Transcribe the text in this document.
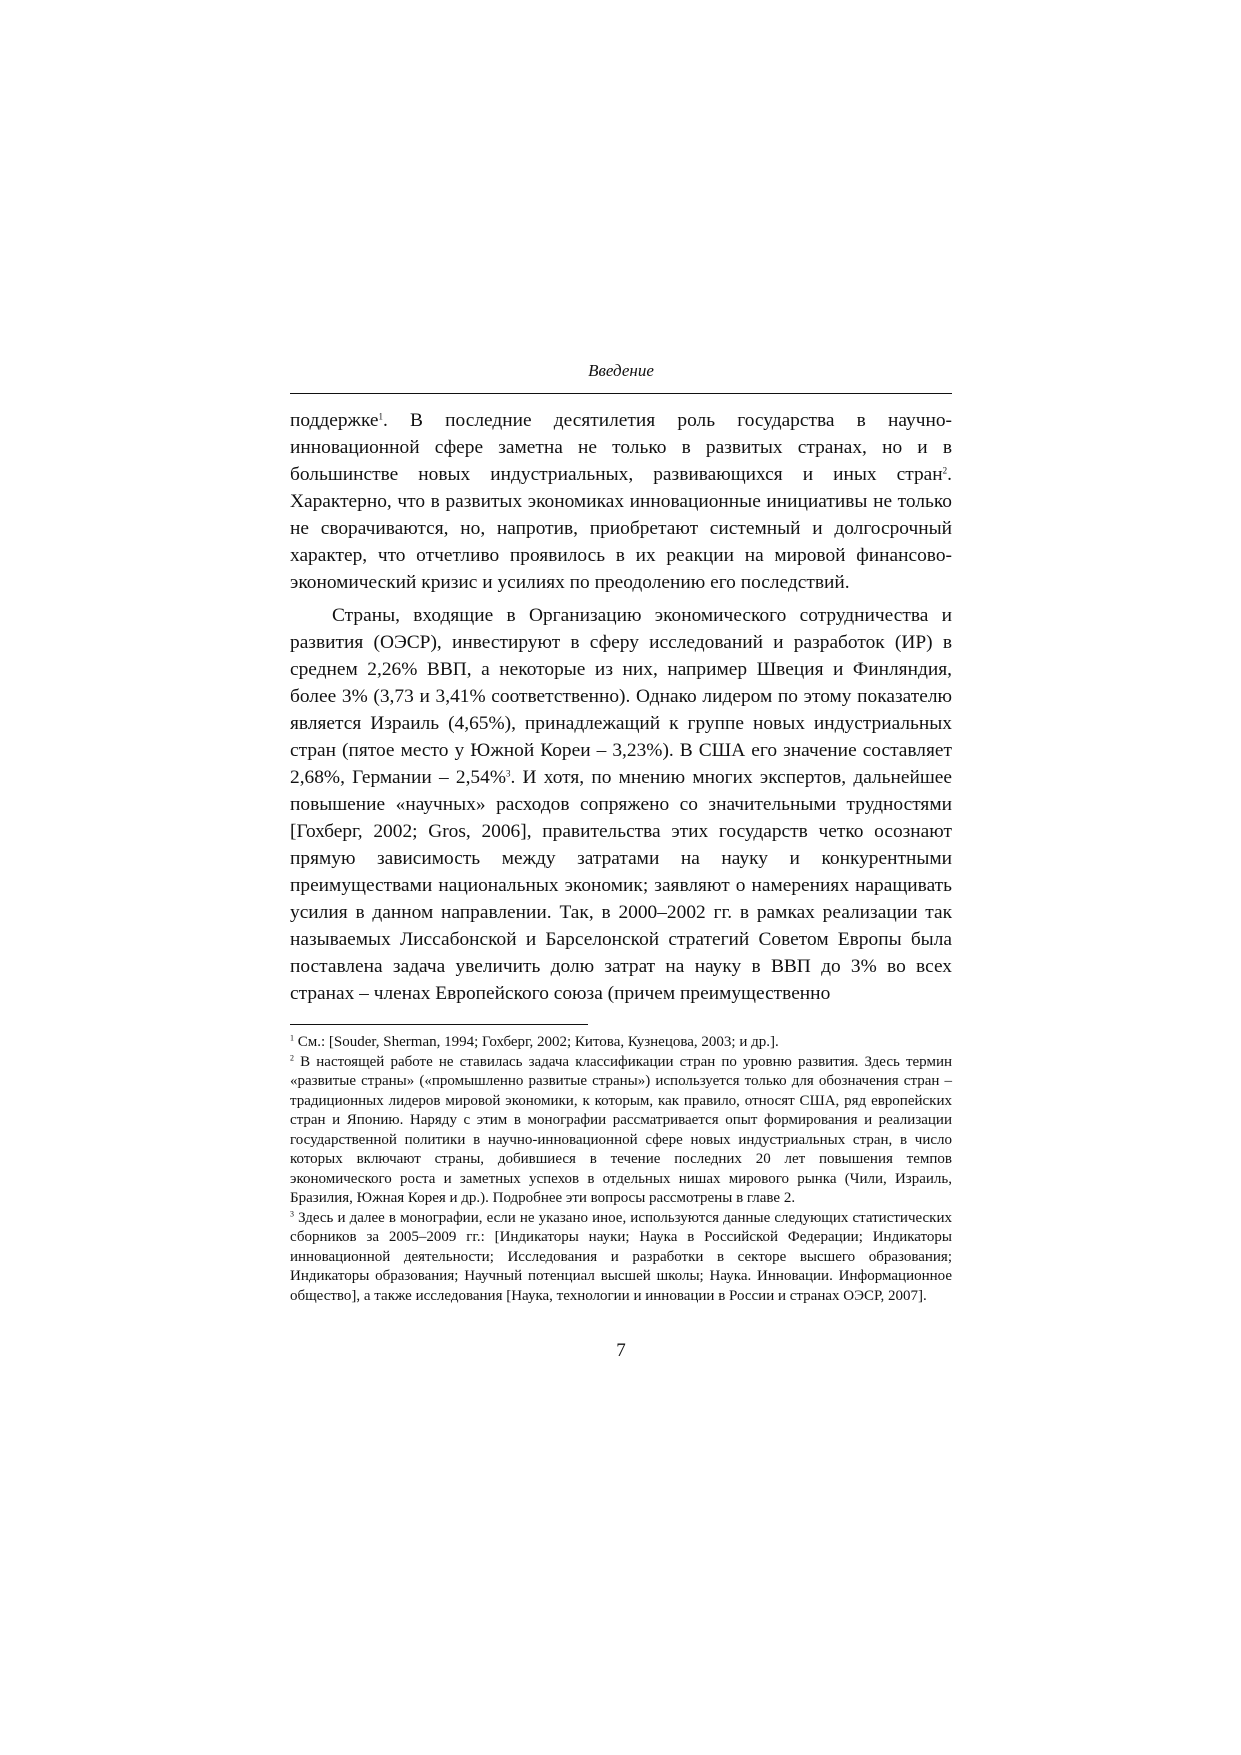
Введение

поддержке$^1$. В последние десятилетия роль государства в научно-инновационной сфере заметна не только в развитых странах, но и в большинстве новых индустриальных, развивающихся и иных стран$^2$. Характерно, что в развитых экономиках инновационные инициативы не только не сворачиваются, но, напротив, приобретают системный и долгосрочный характер, что отчетливо проявилось в их реакции на мировой финансово-экономический кризис и усилиях по преодолению его последствий.

Страны, входящие в Организацию экономического сотрудничества и развития (ОЭСР), инвестируют в сферу исследований и разработок (ИР) в среднем 2,26% ВВП, а некоторые из них, например Швеция и Финляндия, более 3% (3,73 и 3,41% соответственно). Однако лидером по этому показателю является Израиль (4,65%), принадлежащий к группе новых индустриальных стран (пятое место у Южной Кореи – 3,23%). В США его значение составляет 2,68%, Германии – 2,54%$^3$. И хотя, по мнению многих экспертов, дальнейшее повышение «научных» расходов сопряжено со значительными трудностями [Гохберг, 2002; Gros, 2006], правительства этих государств четко осознают прямую зависимость между затратами на науку и конкурентными преимуществами национальных экономик; заявляют о намерениях наращивать усилия в данном направлении. Так, в 2000–2002 гг. в рамках реализации так называемых Лиссабонской и Барселонской стратегий Советом Европы была поставлена задача увеличить долю затрат на науку в ВВП до 3% во всех странах – членах Европейского союза (причем преимущественно

$^1$ См.: [Souder, Sherman, 1994; Гохберг, 2002; Китова, Кузнецова, 2003; и др.].

$^2$ В настоящей работе не ставилась задача классификации стран по уровню развития. Здесь термин «развитые страны» («промышленно развитые страны») используется только для обозначения стран – традиционных лидеров мировой экономики, к которым, как правило, относят США, ряд европейских стран и Японию. Наряду с этим в монографии рассматривается опыт формирования и реализации государственной политики в научно-инновационной сфере новых индустриальных стран, в число которых включают страны, добившиеся в течение последних 20 лет повышения темпов экономического роста и заметных успехов в отдельных нишах мирового рынка (Чили, Израиль, Бразилия, Южная Корея и др.). Подробнее эти вопросы рассмотрены в главе 2.

$^3$ Здесь и далее в монографии, если не указано иное, используются данные следующих статистических сборников за 2005–2009 гг.: [Индикаторы науки; Наука в Российской Федерации; Индикаторы инновационной деятельности; Исследования и разработки в секторе высшего образования; Индикаторы образования; Научный потенциал высшей школы; Наука. Инновации. Информационное общество], а также исследования [Наука, технологии и инновации в России и странах ОЭСР, 2007].

7
